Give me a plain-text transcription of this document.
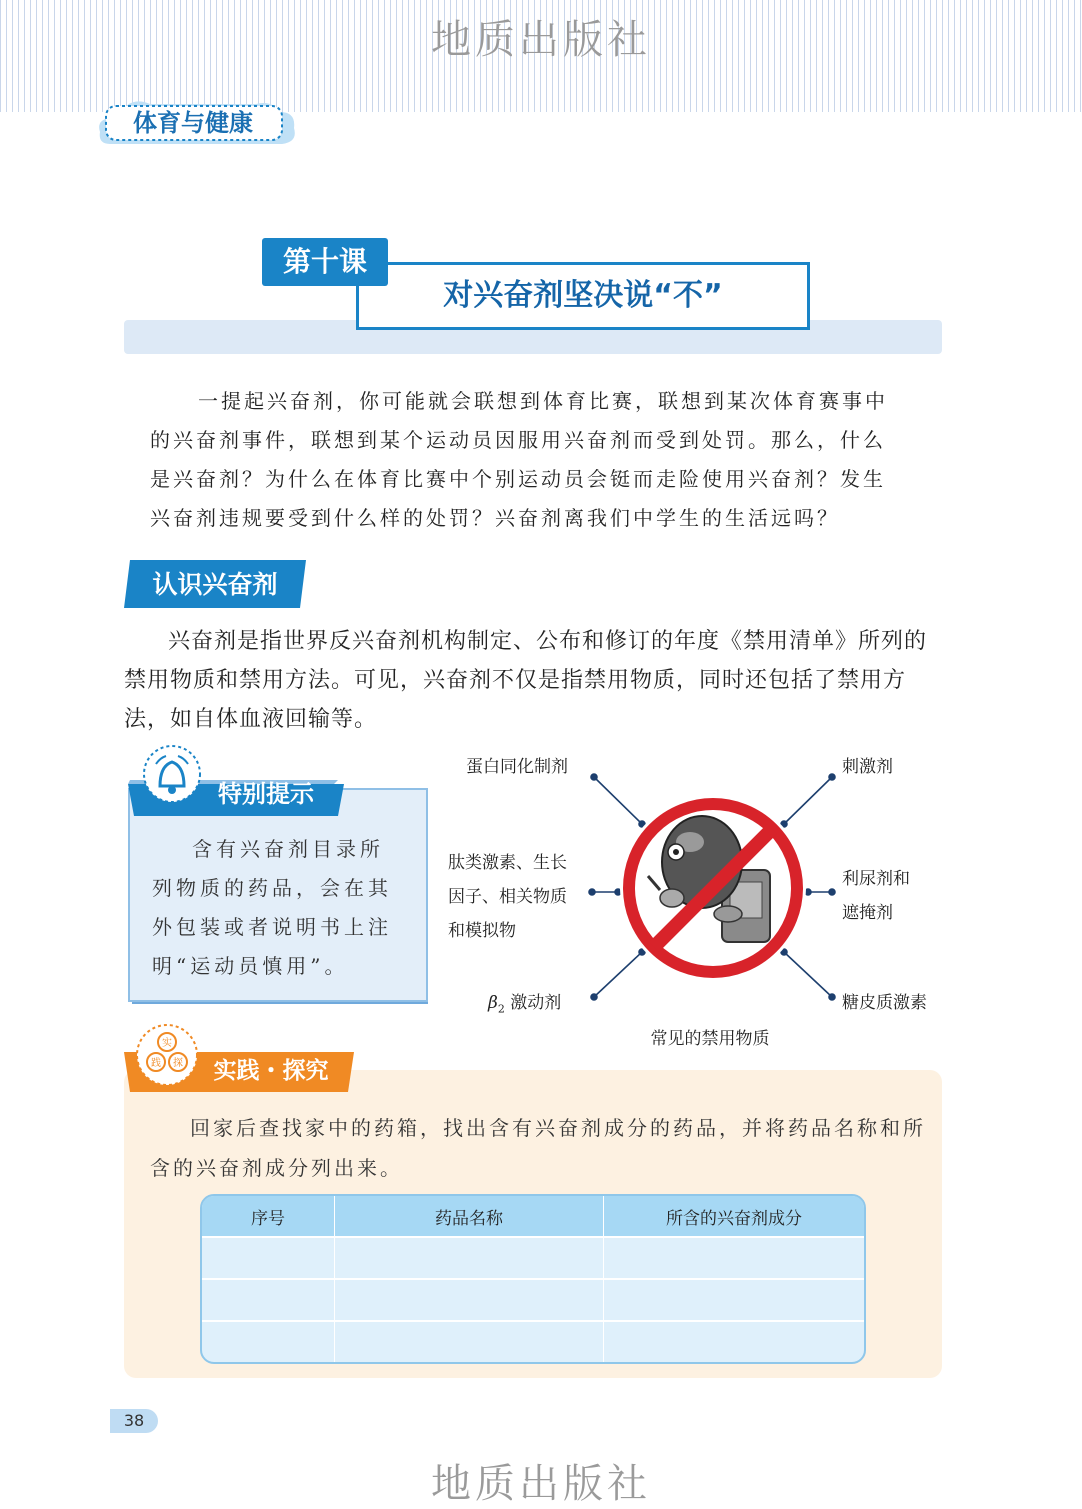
地质出版社
体育与健康
对兴奋剂坚决说“不”
第十课
一提起兴奋剂，你可能就会联想到体育比赛，联想到某次体育赛事中
的兴奋剂事件，联想到某个运动员因服用兴奋剂而受到处罚。那么，什么
是兴奋剂？为什么在体育比赛中个别运动员会铤而走险使用兴奋剂？发生
兴奋剂违规要受到什么样的处罚？兴奋剂离我们中学生的生活远吗？
认识兴奋剂

兴奋剂是指世界反兴奋剂机构制定、公布和修订的年度《禁用清单》所列的禁用物质和禁用方法。可见，兴奋剂不仅是指禁用物质，同时还包括了禁用方法，如自体血液回输等。

特别提示

含有兴奋剂目录所列物质的药品，会在其外包装或者说明书上注明“运动员慎用”。

蛋白同化制剂	刺激剂
肽类激素、生长
因子、相关物质
和模拟物
利尿剂和
遮掩剂
$\beta_2$ 激动剂	糖皮质激素
常见的禁用物质
实
践 探	实践・探究

回家后查找家中的药箱，找出含有兴奋剂成分的药品，并将药品名称和所含的兴奋剂成分列出来。

序号	药品名称	所含的兴奋剂成分

38
地质出版社
